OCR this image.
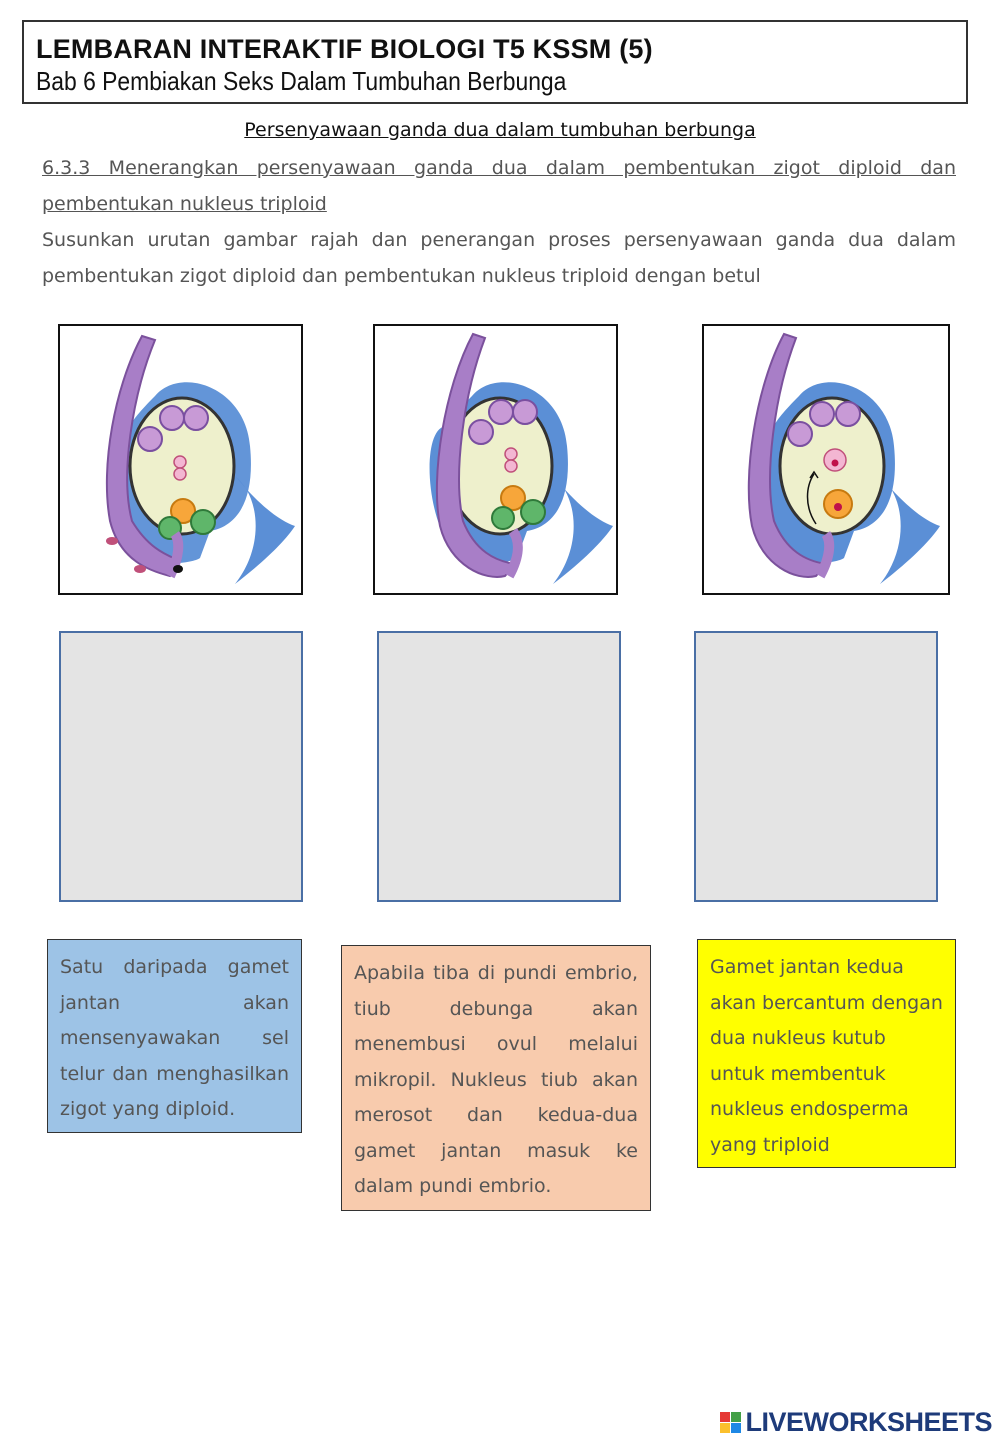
LEMBARAN INTERAKTIF BIOLOGI T5 KSSM (5)
Bab 6 Pembiakan Seks Dalam Tumbuhan Berbunga
Persenyawaan ganda dua dalam tumbuhan berbunga
6.3.3 Menerangkan persenyawaan ganda dua dalam pembentukan zigot diploid dan pembentukan nukleus triploid
Susunkan urutan gambar rajah dan penerangan proses persenyawaan ganda dua dalam pembentukan zigot diploid dan pembentukan nukleus triploid dengan betul

Satu daripada gamet jantan akan mensenyawakan sel telur dan menghasilkan zigot yang diploid.

Apabila tiba di pundi embrio, tiub debunga akan menembusi ovul melalui mikropil. Nukleus tiub akan merosot dan kedua-dua gamet jantan masuk ke dalam pundi embrio.

Gamet jantan kedua akan bercantum dengan dua nukleus kutub untuk membentuk nukleus endosperma yang triploid

LIVEWORKSHEETS
